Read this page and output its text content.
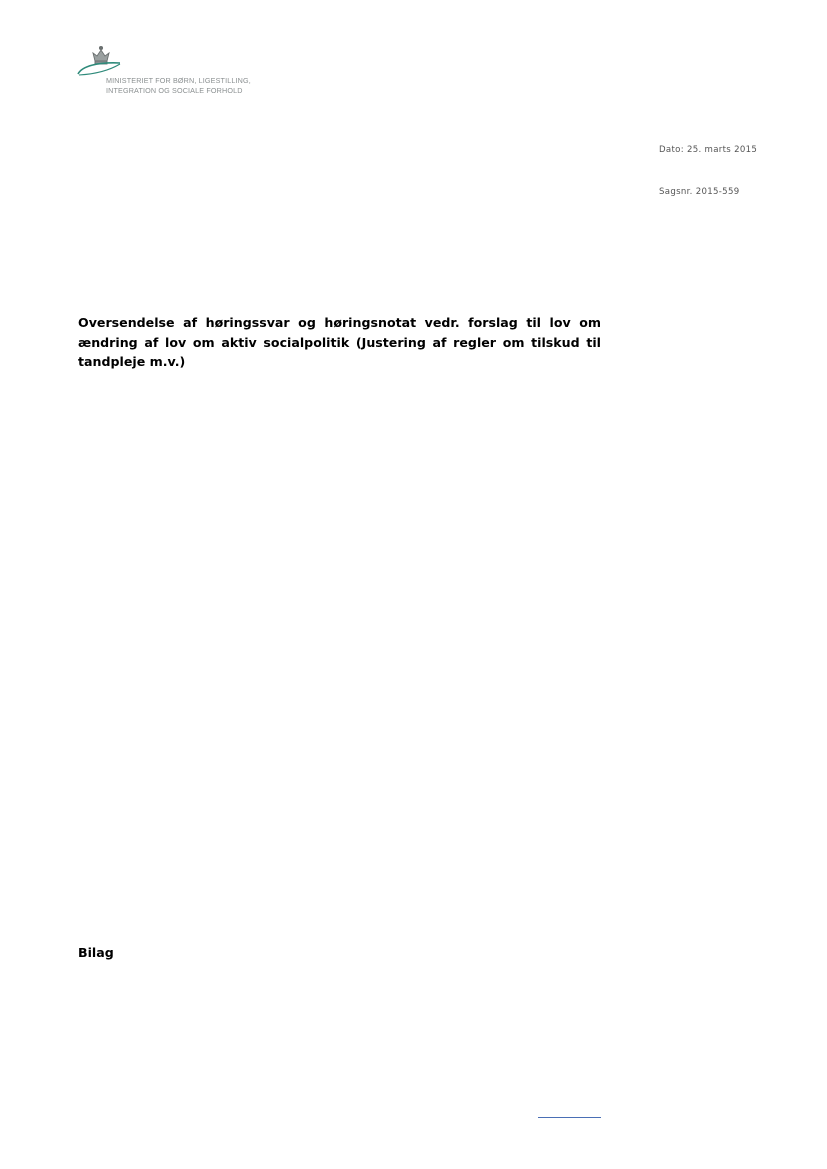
MINISTERIET FOR BØRN, LIGESTILLING,
INTEGRATION OG SOCIALE FORHOLD
Dato: 25. marts 2015
Sagsnr. 2015-559

Oversendelse af høringssvar og høringsnotat vedr. forslag til lov om ændring af lov om aktiv socialpolitik (Justering af regler om tilskud til tandpleje m.v.)

Bilag
